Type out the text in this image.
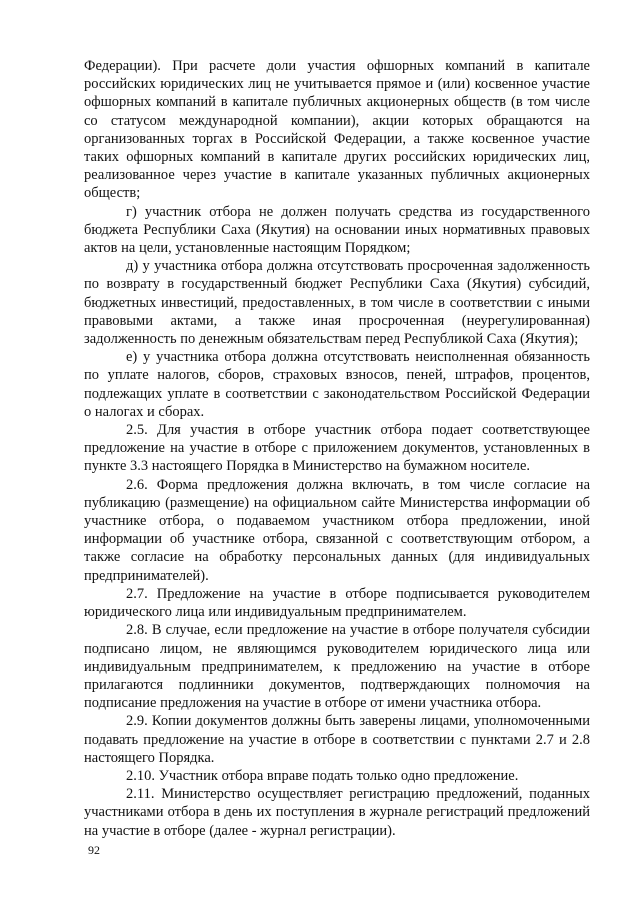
Федерации). При расчете доли участия офшорных компаний в капитале российских юридических лиц не учитывается прямое и (или) косвенное участие офшорных компаний в капитале публичных акционерных обществ (в том числе со статусом международной компании), акции которых обращаются на организованных торгах в Российской Федерации, а также косвенное участие таких офшорных компаний в капитале других российских юридических лиц, реализованное через участие в капитале указанных публичных акционерных обществ;

г) участник отбора не должен получать средства из государственного бюджета Республики Саха (Якутия) на основании иных нормативных правовых актов на цели, установленные настоящим Порядком;

д) у участника отбора должна отсутствовать просроченная задолженность по возврату в государственный бюджет Республики Саха (Якутия) субсидий, бюджетных инвестиций, предоставленных, в том числе в соответствии с иными правовыми актами, а также иная просроченная (неурегулированная) задолженность по денежным обязательствам перед Республикой Саха (Якутия);

е) у участника отбора должна отсутствовать неисполненная обязанность по уплате налогов, сборов, страховых взносов, пеней, штрафов, процентов, подлежащих уплате в соответствии с законодательством Российской Федерации о налогах и сборах.

2.5. Для участия в отборе участник отбора подает соответствующее предложение на участие в отборе с приложением документов, установленных в пункте 3.3 настоящего Порядка в Министерство на бумажном носителе.

2.6. Форма предложения должна включать, в том числе согласие на публикацию (размещение) на официальном сайте Министерства информации об участнике отбора, о подаваемом участником отбора предложении, иной информации об участнике отбора, связанной с соответствующим отбором, а также согласие на обработку персональных данных (для индивидуальных предпринимателей).

2.7. Предложение на участие в отборе подписывается руководителем юридического лица или индивидуальным предпринимателем.

2.8. В случае, если предложение на участие в отборе получателя субсидии подписано лицом, не являющимся руководителем юридического лица или индивидуальным предпринимателем, к предложению на участие в отборе прилагаются подлинники документов, подтверждающих полномочия на подписание предложения на участие в отборе от имени участника отбора.

2.9. Копии документов должны быть заверены лицами, уполномоченными подавать предложение на участие в отборе в соответствии с пунктами 2.7 и 2.8 настоящего Порядка.

2.10. Участник отбора вправе подать только одно предложение.

2.11. Министерство осуществляет регистрацию предложений, поданных участниками отбора в день их поступления в журнале регистраций предложений на участие в отборе (далее - журнал регистрации).

92
